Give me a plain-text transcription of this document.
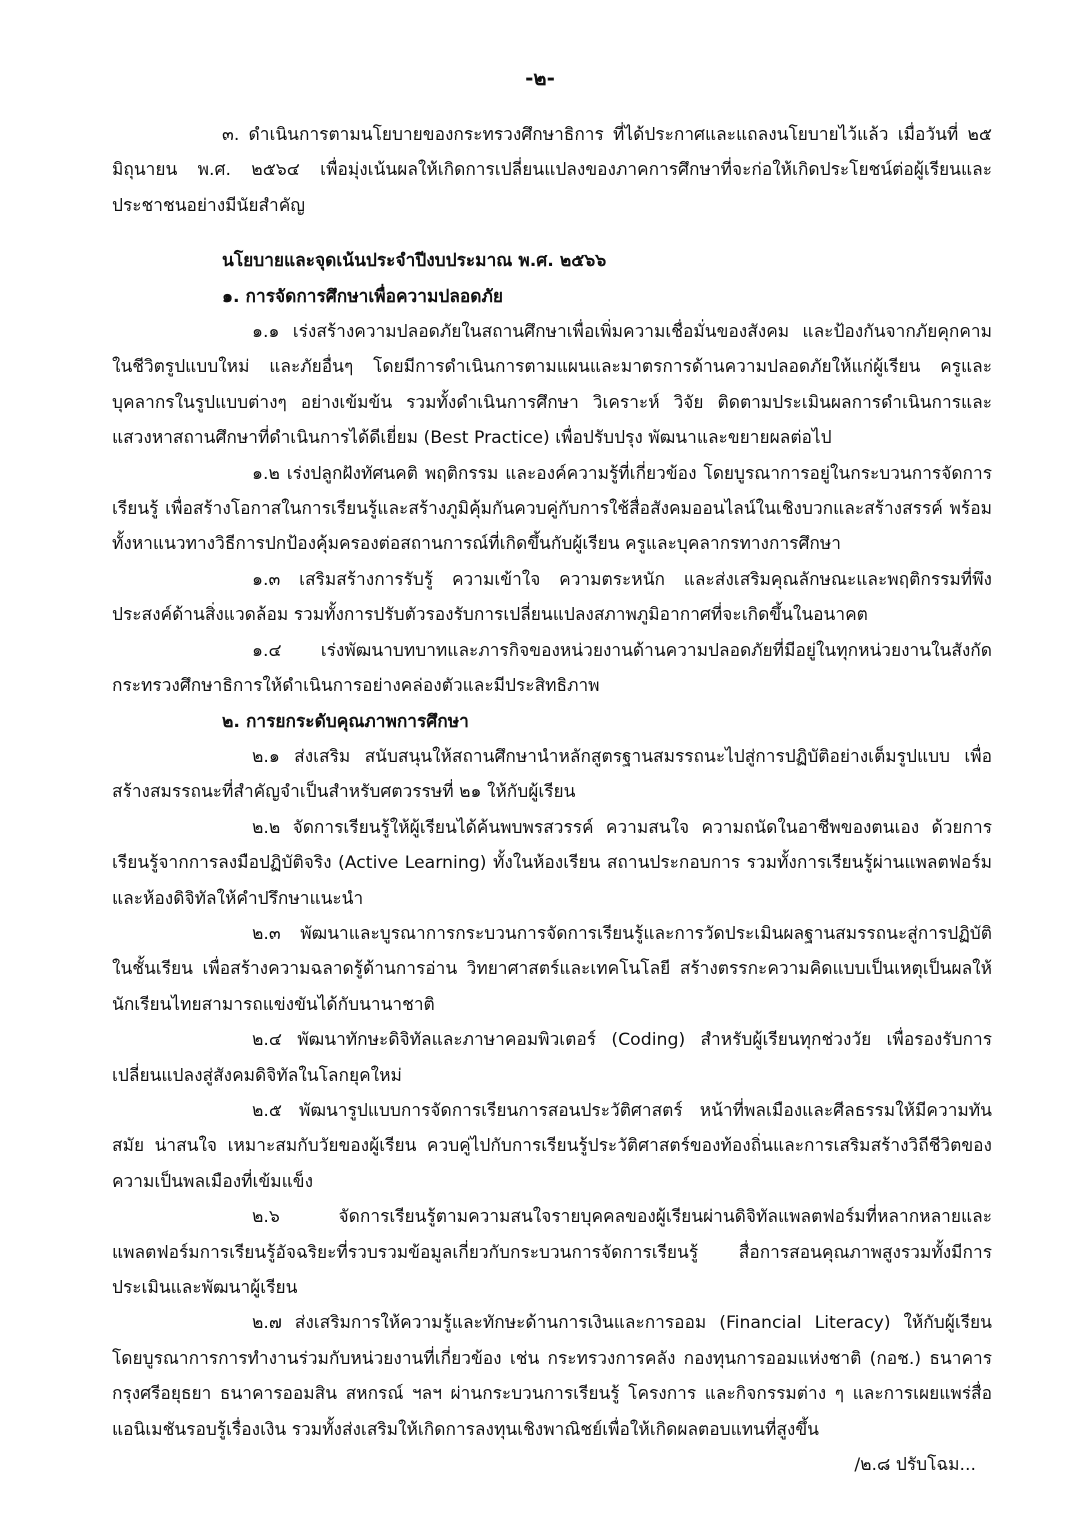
-๒-

๓. ดำเนินการตามนโยบายของกระทรวงศึกษาธิการ ที่ได้ประกาศและแถลงนโยบายไว้แล้ว เมื่อวันที่ ๒๕ มิถุนายน พ.ศ. ๒๕๖๔ เพื่อมุ่งเน้นผลให้เกิดการเปลี่ยนแปลงของภาคการศึกษาที่จะก่อให้เกิดประโยชน์ต่อผู้เรียนและประชาชนอย่างมีนัยสำคัญ

นโยบายและจุดเน้นประจำปีงบประมาณ พ.ศ. ๒๕๖๖

๑. การจัดการศึกษาเพื่อความปลอดภัย

๑.๑ เร่งสร้างความปลอดภัยในสถานศึกษาเพื่อเพิ่มความเชื่อมั่นของสังคม และป้องกันจากภัยคุกคามในชีวิตรูปแบบใหม่ และภัยอื่นๆ โดยมีการดำเนินการตามแผนและมาตรการด้านความปลอดภัยให้แก่ผู้เรียน ครูและบุคลากรในรูปแบบต่างๆ อย่างเข้มข้น รวมทั้งดำเนินการศึกษา วิเคราะห์ วิจัย ติดตามประเมินผลการดำเนินการและแสวงหาสถานศึกษาที่ดำเนินการได้ดีเยี่ยม (Best Practice) เพื่อปรับปรุง พัฒนาและขยายผลต่อไป

๑.๒ เร่งปลูกฝังทัศนคติ พฤติกรรม และองค์ความรู้ที่เกี่ยวข้อง โดยบูรณาการอยู่ในกระบวนการจัดการเรียนรู้ เพื่อสร้างโอกาสในการเรียนรู้และสร้างภูมิคุ้มกันควบคู่กับการใช้สื่อสังคมออนไลน์ในเชิงบวกและสร้างสรรค์ พร้อมทั้งหาแนวทางวิธีการปกป้องคุ้มครองต่อสถานการณ์ที่เกิดขึ้นกับผู้เรียน ครูและบุคลากรทางการศึกษา

๑.๓ เสริมสร้างการรับรู้ ความเข้าใจ ความตระหนัก และส่งเสริมคุณลักษณะและพฤติกรรมที่พึงประสงค์ด้านสิ่งแวดล้อม รวมทั้งการปรับตัวรองรับการเปลี่ยนแปลงสภาพภูมิอากาศที่จะเกิดขึ้นในอนาคต

๑.๔ เร่งพัฒนาบทบาทและภารกิจของหน่วยงานด้านความปลอดภัยที่มีอยู่ในทุกหน่วยงานในสังกัดกระทรวงศึกษาธิการให้ดำเนินการอย่างคล่องตัวและมีประสิทธิภาพ

๒. การยกระดับคุณภาพการศึกษา

๒.๑ ส่งเสริม สนับสนุนให้สถานศึกษานำหลักสูตรฐานสมรรถนะไปสู่การปฏิบัติอย่างเต็มรูปแบบ เพื่อสร้างสมรรถนะที่สำคัญจำเป็นสำหรับศตวรรษที่ ๒๑ ให้กับผู้เรียน

๒.๒ จัดการเรียนรู้ให้ผู้เรียนได้ค้นพบพรสวรรค์ ความสนใจ ความถนัดในอาชีพของตนเอง ด้วยการเรียนรู้จากการลงมือปฏิบัติจริง (Active Learning) ทั้งในห้องเรียน สถานประกอบการ รวมทั้งการเรียนรู้ผ่านแพลตฟอร์มและห้องดิจิทัลให้คำปรึกษาแนะนำ

๒.๓ พัฒนาและบูรณาการกระบวนการจัดการเรียนรู้และการวัดประเมินผลฐานสมรรถนะสู่การปฏิบัติในชั้นเรียน เพื่อสร้างความฉลาดรู้ด้านการอ่าน วิทยาศาสตร์และเทคโนโลยี สร้างตรรกะความคิดแบบเป็นเหตุเป็นผลให้นักเรียนไทยสามารถแข่งขันได้กับนานาชาติ

๒.๔ พัฒนาทักษะดิจิทัลและภาษาคอมพิวเตอร์ (Coding) สำหรับผู้เรียนทุกช่วงวัย เพื่อรองรับการเปลี่ยนแปลงสู่สังคมดิจิทัลในโลกยุคใหม่

๒.๕ พัฒนารูปแบบการจัดการเรียนการสอนประวัติศาสตร์ หน้าที่พลเมืองและศีลธรรมให้มีความทันสมัย น่าสนใจ เหมาะสมกับวัยของผู้เรียน ควบคู่ไปกับการเรียนรู้ประวัติศาสตร์ของท้องถิ่นและการเสริมสร้างวิถีชีวิตของความเป็นพลเมืองที่เข้มแข็ง

๒.๖ จัดการเรียนรู้ตามความสนใจรายบุคคลของผู้เรียนผ่านดิจิทัลแพลตฟอร์มที่หลากหลายและแพลตฟอร์มการเรียนรู้อัจฉริยะที่รวบรวมข้อมูลเกี่ยวกับกระบวนการจัดการเรียนรู้ สื่อการสอนคุณภาพสูงรวมทั้งมีการประเมินและพัฒนาผู้เรียน

๒.๗ ส่งเสริมการให้ความรู้และทักษะด้านการเงินและการออม (Financial Literacy) ให้กับผู้เรียนโดยบูรณาการการทำงานร่วมกับหน่วยงานที่เกี่ยวข้อง เช่น กระทรวงการคลัง กองทุนการออมแห่งชาติ (กอช.) ธนาคารกรุงศรีอยุธยา ธนาคารออมสิน สหกรณ์ ฯลฯ ผ่านกระบวนการเรียนรู้ โครงการ และกิจกรรมต่าง ๆ และการเผยแพร่สื่อแอนิเมชันรอบรู้เรื่องเงิน รวมทั้งส่งเสริมให้เกิดการลงทุนเชิงพาณิชย์เพื่อให้เกิดผลตอบแทนที่สูงขึ้น

/๒.๘ ปรับโฉม...
